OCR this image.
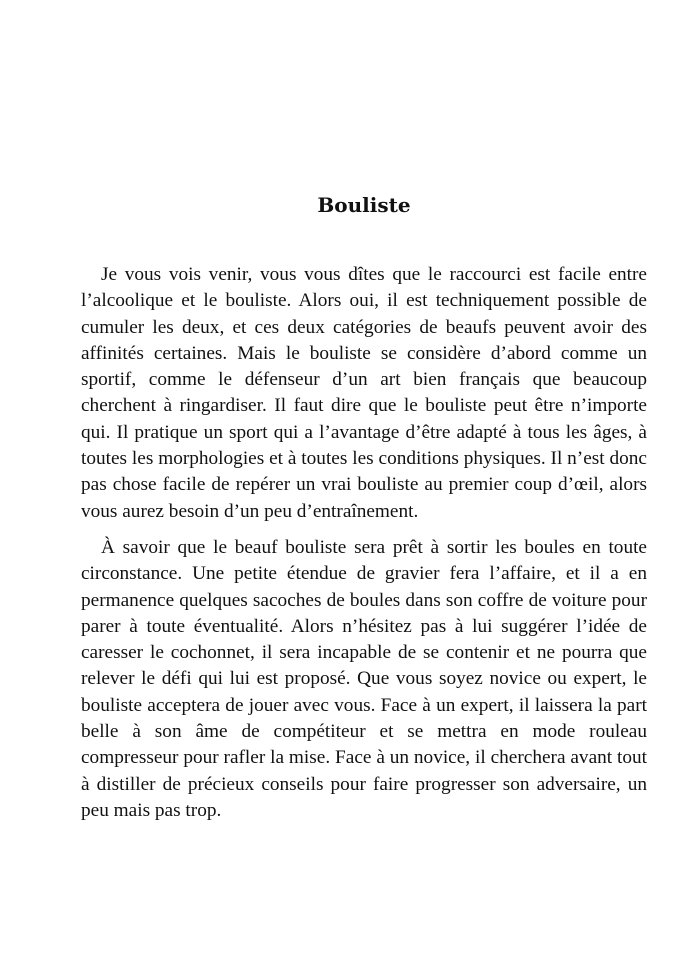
Bouliste

Je vous vois venir, vous vous dîtes que le raccourci est facile entre l’alcoolique et le bouliste. Alors oui, il est techniquement possible de cumuler les deux, et ces deux catégories de beaufs peuvent avoir des affinités certaines. Mais le bouliste se considère d’abord comme un sportif, comme le défenseur d’un art bien français que beaucoup cherchent à ringardiser. Il faut dire que le bouliste peut être n’importe qui. Il pratique un sport qui a l’avantage d’être adapté à tous les âges, à toutes les morphologies et à toutes les conditions physiques. Il n’est donc pas chose facile de repérer un vrai bouliste au premier coup d’œil, alors vous aurez besoin d’un peu d’entraînement.

À savoir que le beauf bouliste sera prêt à sortir les boules en toute circonstance. Une petite étendue de gravier fera l’affaire, et il a en permanence quelques sacoches de boules dans son coffre de voiture pour parer à toute éventualité. Alors n’hésitez pas à lui suggérer l’idée de caresser le cochonnet, il sera incapable de se contenir et ne pourra que relever le défi qui lui est proposé. Que vous soyez novice ou expert, le bouliste acceptera de jouer avec vous. Face à un expert, il laissera la part belle à son âme de compétiteur et se mettra en mode rouleau compresseur pour rafler la mise. Face à un novice, il cherchera avant tout à distiller de précieux conseils pour faire progresser son adversaire, un peu mais pas trop.
